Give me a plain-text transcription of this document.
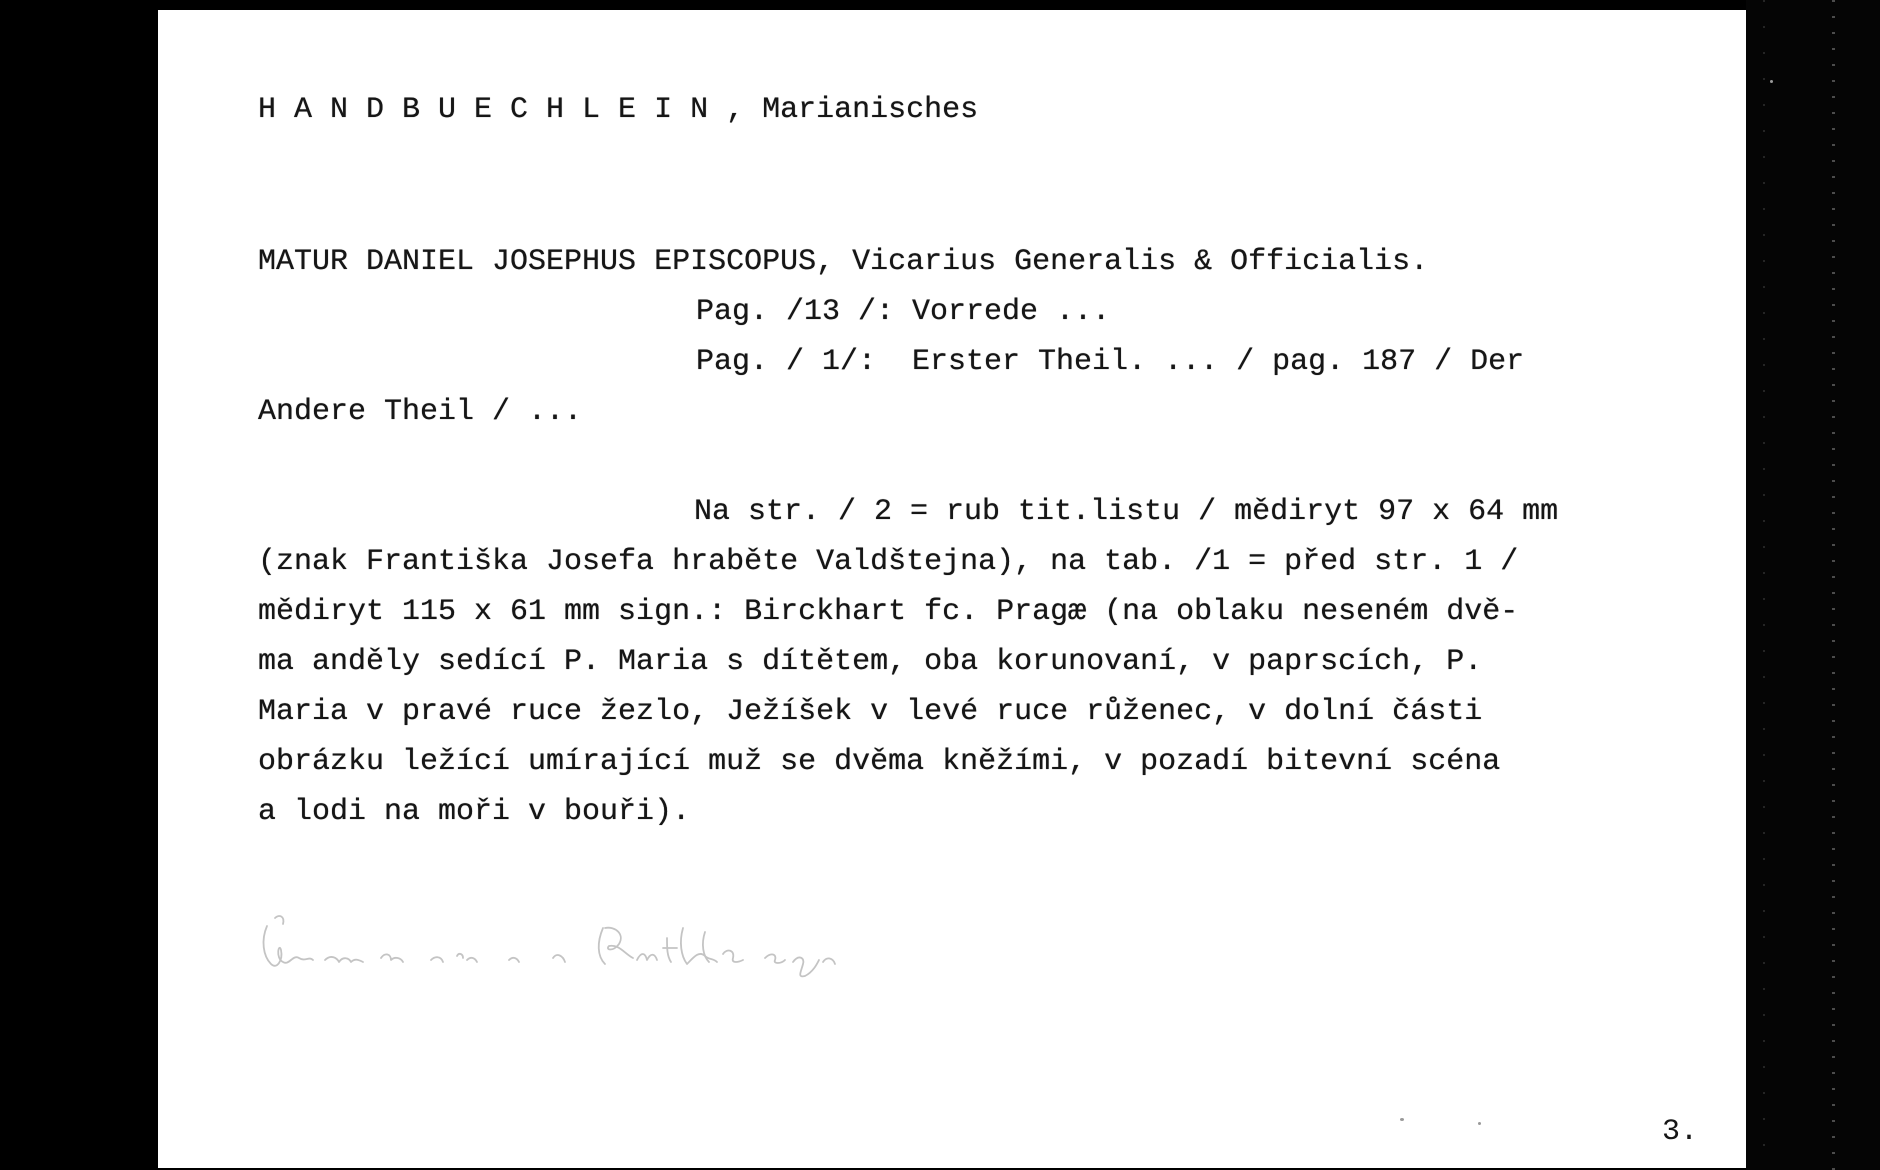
H A N D B U E C H L E I N , Marianisches

MATUR DANIEL JOSEPHUS EPISCOPUS, Vicarius Generalis & Officialis.

Pag. /13 /: Vorrede ...

Pag. / 1/:  Erster Theil. ... / pag. 187 / Der

Andere Theil / ...

Na str. / 2 = rub tit.listu / mědiryt 97 x 64 mm

(znak Františka Josefa hraběte Valdštejna), na tab. /1 = před str. 1 /

mědiryt 115 x 61 mm sign.: Birckhart fc. Pragæ (na oblaku neseném dvě-

ma anděly sedící P. Maria s dítětem, oba korunovaní, v paprscích, P.

Maria v pravé ruce žezlo, Ježíšek v levé ruce růženec, v dolní části

obrázku ležící umírající muž se dvěma kněžími, v pozadí bitevní scéna

a lodi na moři v bouři).

3.
